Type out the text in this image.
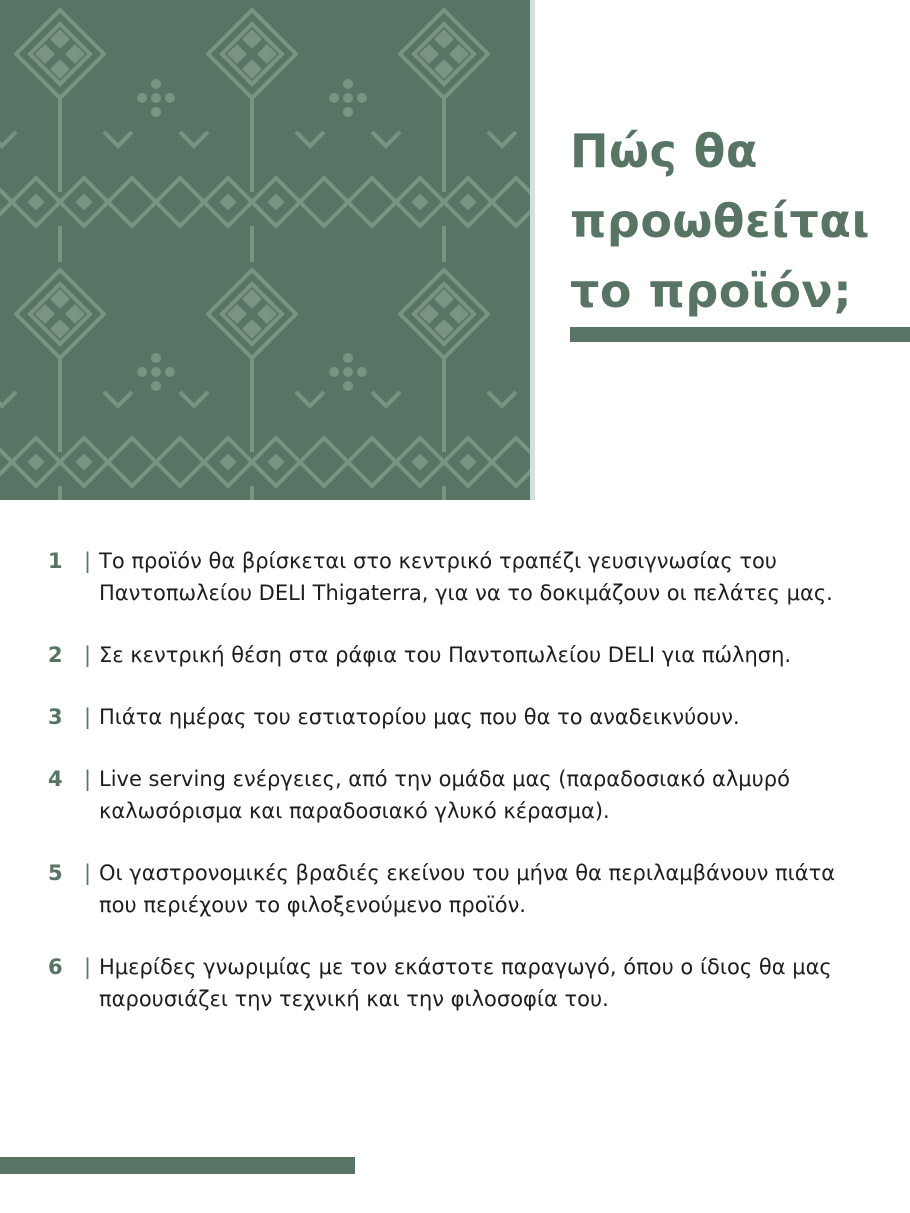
Πώς θα
προωθείται
το προϊόν;
1	| Το προϊόν θα βρίσκεται στο κεντρικό τραπέζι γευσιγνωσίας του Παντοπωλείου DELI Thigaterra, για να το δοκιμάζουν οι πελάτες μας.
2	| Σε κεντρική θέση στα ράφια του Παντοπωλείου DELI για πώληση.
3	| Πιάτα ημέρας του εστιατορίου μας που θα το αναδεικνύουν.
4	| Live serving ενέργειες, από την ομάδα μας (παραδοσιακό αλμυρό καλωσόρισμα και παραδοσιακό γλυκό κέρασμα).
5	| Οι γαστρονομικές βραδιές εκείνου του μήνα θα περιλαμβάνουν πιάτα που περιέχουν το φιλοξενούμενο προϊόν.
6	| Ημερίδες γνωριμίας με τον εκάστοτε παραγωγό, όπου ο ίδιος θα μας παρουσιάζει την τεχνική και την φιλοσοφία του.
